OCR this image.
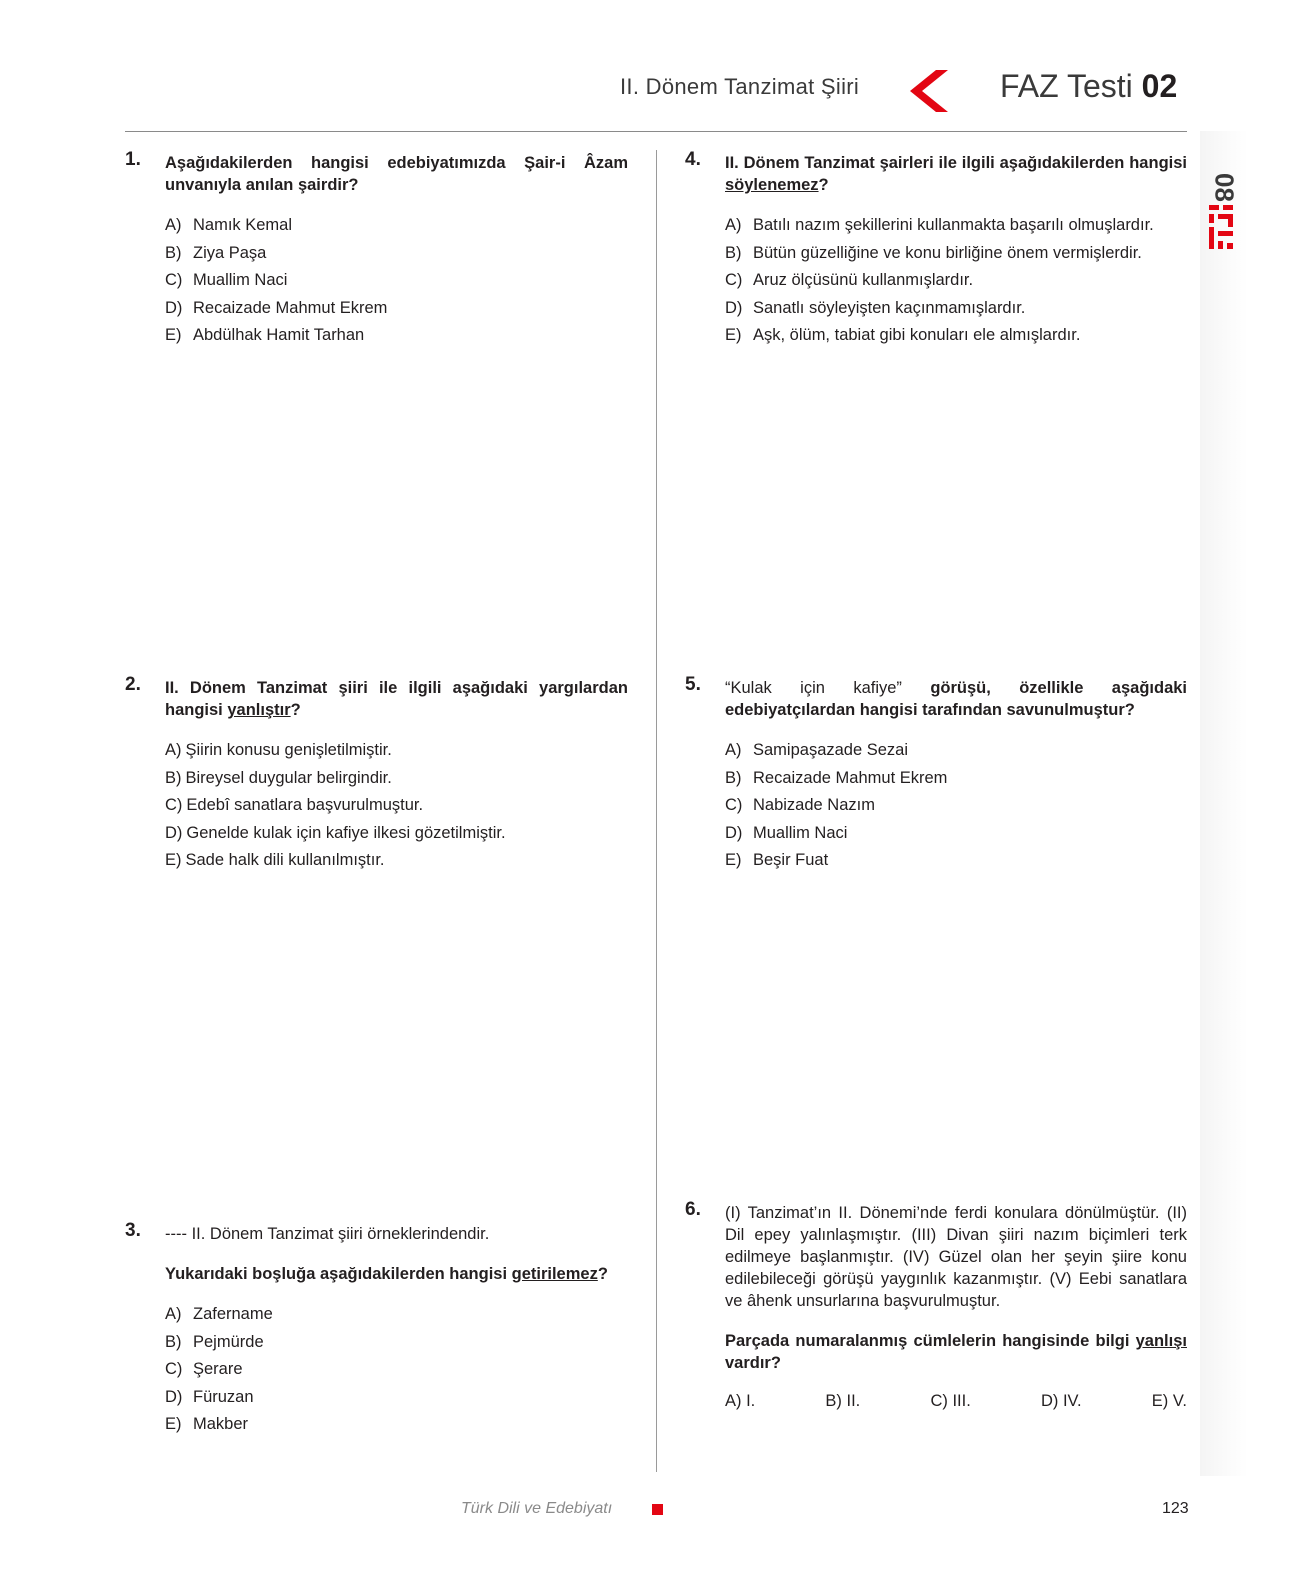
II. Dönem Tanzimat Şiiri	FAZ Testi 02
08
1. Aşağıdakilerden hangisi edebiyatımızda Şair-i Âzam unvanıyla anılan şairdir?
A) Namık Kemal
B) Ziya Paşa
C) Muallim Naci
D) Recaizade Mahmut Ekrem
E) Abdülhak Hamit Tarhan
2. II. Dönem Tanzimat şiiri ile ilgili aşağıdaki yargılardan hangisi yanlıştır?
A) Şiirin konusu genişletilmiştir.
B) Bireysel duygular belirgindir.
C) Edebî sanatlara başvurulmuştur.
D) Genelde kulak için kafiye ilkesi gözetilmiştir.
E) Sade halk dili kullanılmıştır.
3. ---- II. Dönem Tanzimat şiiri örneklerindendir.
Yukarıdaki boşluğa aşağıdakilerden hangisi getirilemez?
A) Zafername
B) Pejmürde
C) Şerare
D) Füruzan
E) Makber
4. II. Dönem Tanzimat şairleri ile ilgili aşağıdakilerden hangisi söylenemez?
A) Batılı nazım şekillerini kullanmakta başarılı olmuşlardır.
B) Bütün güzelliğine ve konu birliğine önem vermişlerdir.
C) Aruz ölçüsünü kullanmışlardır.
D) Sanatlı söyleyişten kaçınmamışlardır.
E) Aşk, ölüm, tabiat gibi konuları ele almışlardır.
5. “Kulak için kafiye” görüşü, özellikle aşağıdaki edebiyatçılardan hangisi tarafından savunulmuştur?
A) Samipaşazade Sezai
B) Recaizade Mahmut Ekrem
C) Nabizade Nazım
D) Muallim Naci
E) Beşir Fuat
6. (I) Tanzimat’ın II. Dönemi’nde ferdi konulara dönülmüştür. (II) Dil epey yalınlaşmıştır. (III) Divan şiiri nazım biçimleri terk edilmeye başlanmıştır. (IV) Güzel olan her şeyin şiire konu edilebileceği görüşü yaygınlık kazanmıştır. (V) Eebi sanatlara ve âhenk unsurlarına başvurulmuştur.
Parçada numaralanmış cümlelerin hangisinde bilgi yanlışı vardır?
A) I.	B) II.	C) III.	D) IV.	E) V.
Türk Dili ve Edebiyatı	123
